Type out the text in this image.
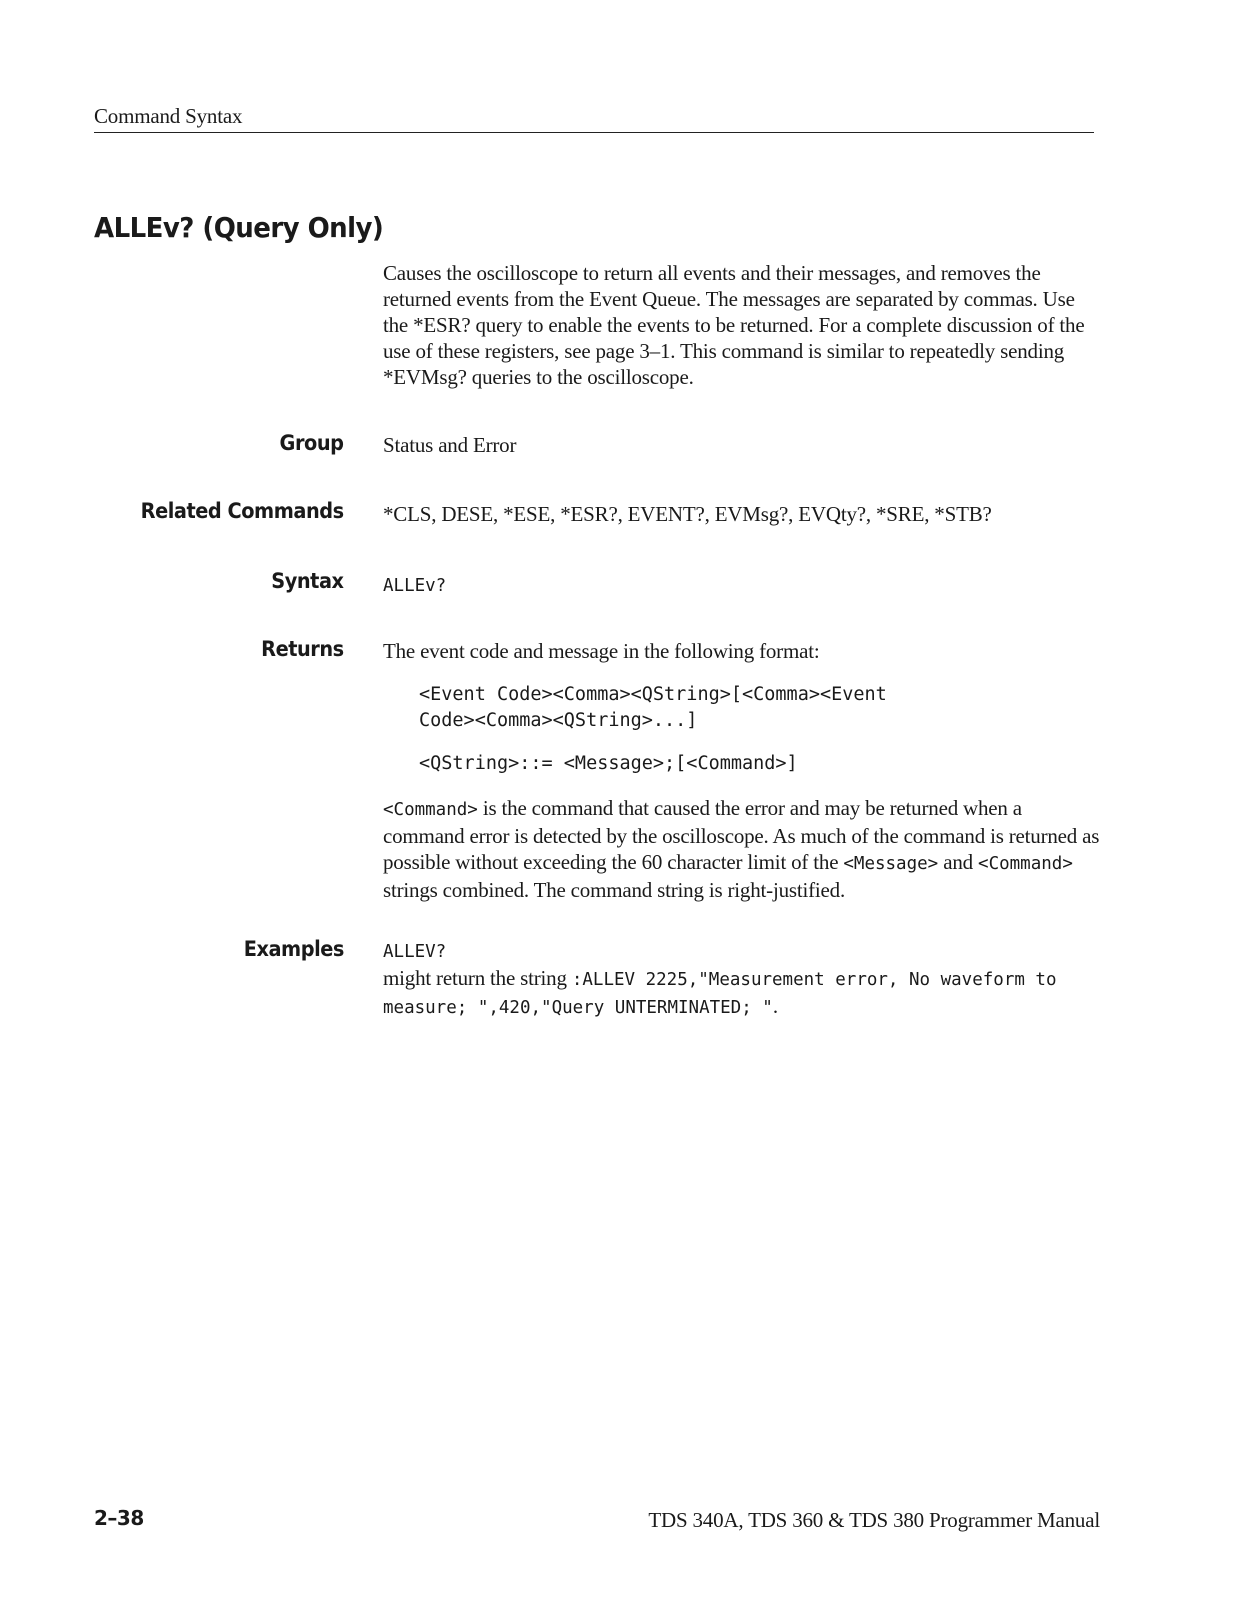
Command Syntax
ALLEv? (Query Only)
Causes the oscilloscope to return all events and their messages, and removes the returned events from the Event Queue. The messages are separated by commas. Use the *ESR? query to enable the events to be returned. For a complete discussion of the use of these registers, see page 3–1. This command is similar to repeatedly sending *EVMsg? queries to the oscilloscope.
Group Status and Error
Related Commands *CLS, DESE, *ESE, *ESR?, EVENT?, EVMsg?, EVQty?, *SRE, *STB?
Syntax ALLEv?
Returns The event code and message in the following format:
<Event Code><Comma><QString>[<Comma><Event
Code><Comma><QString>...]
<QString>::= <Message>;[<Command>]
<Command> is the command that caused the error and may be returned when a command error is detected by the oscilloscope. As much of the command is returned as possible without exceeding the 60 character limit of the <Message> and <Command> strings combined. The command string is right-justified.
Examples ALLEV?
might return the string :ALLEV 2225,"Measurement error, No waveform to measure; ",420,"Query UNTERMINATED; ".
2–38	TDS 340A, TDS 360 & TDS 380 Programmer Manual
